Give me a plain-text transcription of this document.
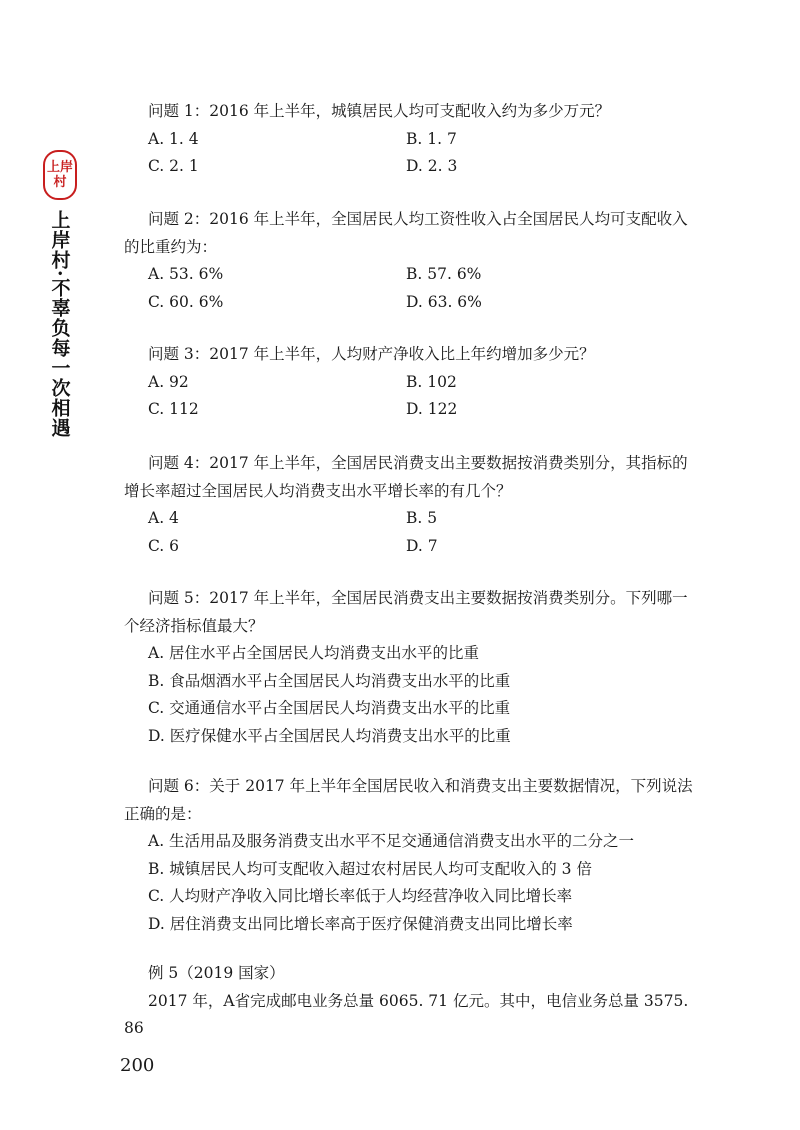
上岸
村
上岸村·不辜负每一次相遇
问题 1：2016 年上半年，城镇居民人均可支配收入约为多少万元？
A. 1. 4	B. 1. 7
C. 2. 1	D. 2. 3
问题 2：2016 年上半年，全国居民人均工资性收入占全国居民人均可支配收入的比重约为：
A. 53. 6%	B. 57. 6%
C. 60. 6%	D. 63. 6%
问题 3：2017 年上半年，人均财产净收入比上年约增加多少元？
A. 92	B. 102
C. 112	D. 122
问题 4：2017 年上半年，全国居民消费支出主要数据按消费类别分，其指标的增长率超过全国居民人均消费支出水平增长率的有几个？
A. 4	B. 5
C. 6	D. 7
问题 5：2017 年上半年，全国居民消费支出主要数据按消费类别分。下列哪一个经济指标值最大？
A. 居住水平占全国居民人均消费支出水平的比重
B. 食品烟酒水平占全国居民人均消费支出水平的比重
C. 交通通信水平占全国居民人均消费支出水平的比重
D. 医疗保健水平占全国居民人均消费支出水平的比重
问题 6：关于 2017 年上半年全国居民收入和消费支出主要数据情况，下列说法正确的是：
A. 生活用品及服务消费支出水平不足交通通信消费支出水平的二分之一
B. 城镇居民人均可支配收入超过农村居民人均可支配收入的 3 倍
C. 人均财产净收入同比增长率低于人均经营净收入同比增长率
D. 居住消费支出同比增长率高于医疗保健消费支出同比增长率
例 5（2019 国家）
2017 年，A省完成邮电业务总量 6065. 71 亿元。其中，电信业务总量 3575. 86
200
